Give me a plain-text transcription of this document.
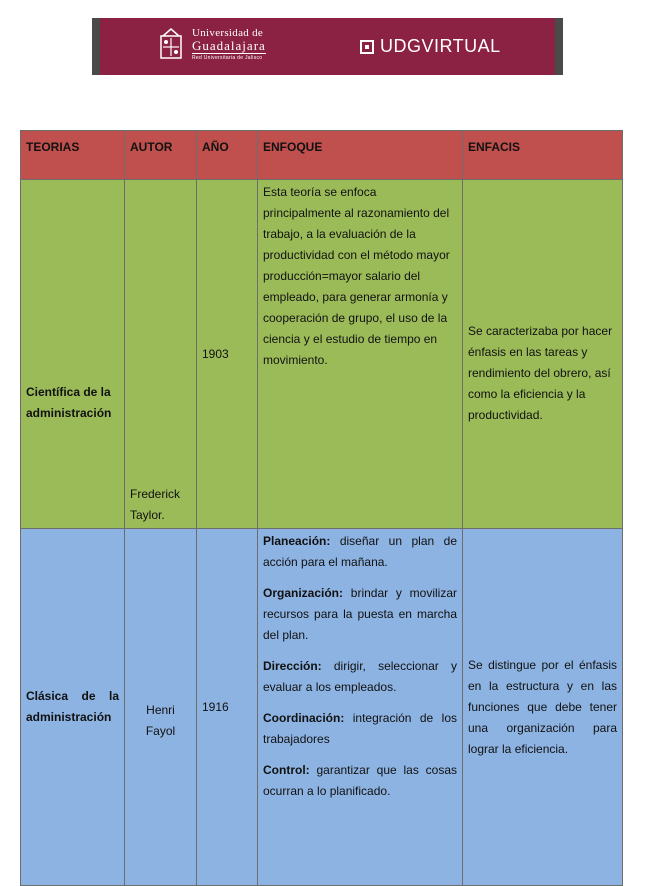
Universidad de
Guadalajara
Red Universitaria de Jalisco
UDGVIRTUAL
TEORIAS	AUTOR	AÑO	ENFOQUE	ENFACIS
Científica de la administración	Frederick Taylor.	1903	Esta teoría se enfoca principalmente al razonamiento del trabajo, a la evaluación de la productividad con el método mayor producción=mayor salario del empleado, para generar armonía y cooperación de grupo, el uso de la ciencia y el estudio de tiempo en movimiento.	Se caracterizaba por hacer énfasis en las tareas y rendimiento del obrero, así como la eficiencia y la productividad.
Clásica de la administración	Henri Fayol	1916	Planeación: diseñar un plan de acción para el mañana.

Organización: brindar y movilizar recursos para la puesta en marcha del plan.

Dirección: dirigir, seleccionar y evaluar a los empleados.

Coordinación: integración de los trabajadores

Control: garantizar que las cosas ocurran a lo planificado.	Se distingue por el énfasis en la estructura y en las funciones que debe tener una organización para lograr la eficiencia.
